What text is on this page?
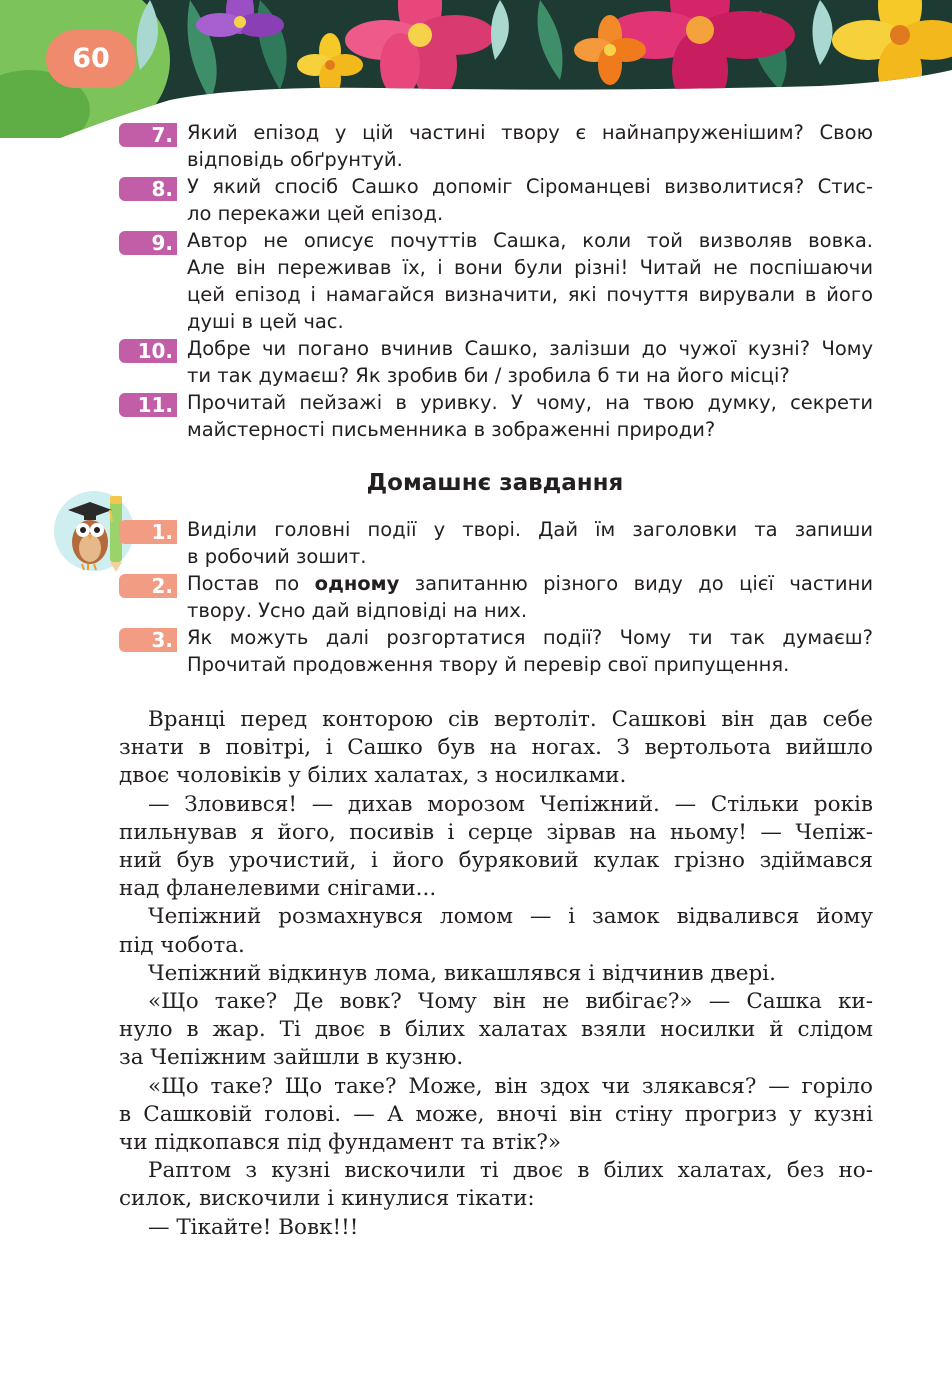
60
7. Який епізод у цій частині твору є найнапруженішим? Свою
відповідь обґрунтуй.
8. У який спосіб Сашко допоміг Сіроманцеві визволитися? Стис-
ло перекажи цей епізод.
9. Автор не описує почуттів Сашка, коли той визволяв вовка.
Але він переживав їх, і вони були різні! Читай не поспішаючи
цей епізод і намагайся визначити, які почуття вирували в його
душі в цей час.
10. Добре чи погано вчинив Сашко, залізши до чужої кузні? Чому
ти так думаєш? Як зробив би / зробила б ти на його місці?
11. Прочитай пейзажі в уривку. У чому, на твою думку, секрети
майстерності письменника в зображенні природи?
Домашнє завдання
1. Виділи головні події у творі. Дай їм заголовки та запиши
в робочий зошит.
2. Постав по одному запитанню різного виду до цієї частини
твору. Усно дай відповіді на них.
3. Як можуть далі розгортатися події? Чому ти так думаєш?
Прочитай продовження твору й перевір свої припущення.
Вранці перед конторою сів вертоліт. Сашкові він дав себе
знати в повітрі, і Сашко був на ногах. З вертольота вийшло
двоє чоловіків у білих халатах, з носилками.
— Зловився! — дихав морозом Чепіжний. — Стільки років
пильнував я його, посивів і серце зірвав на ньому! — Чепіж-
ний був урочистий, і його буряковий кулак грізно здіймався
над фланелевими снігами...
Чепіжний розмахнувся ломом — і замок відвалився йому
під чобота.
Чепіжний відкинув лома, викашлявся і відчинив двері.
«Що таке? Де вовк? Чому він не вибігає?» — Сашка ки-
нуло в жар. Ті двоє в білих халатах взяли носилки й слідом
за Чепіжним зайшли в кузню.
«Що таке? Що таке? Може, він здох чи злякався? — горіло
в Сашковій голові. — А може, вночі він стіну прогриз у кузні
чи підкопався під фундамент та втік?»
Раптом з кузні вискочили ті двоє в білих халатах, без но-
силок, вискочили і кинулися тікати:
— Тікайте! Вовк!!!
